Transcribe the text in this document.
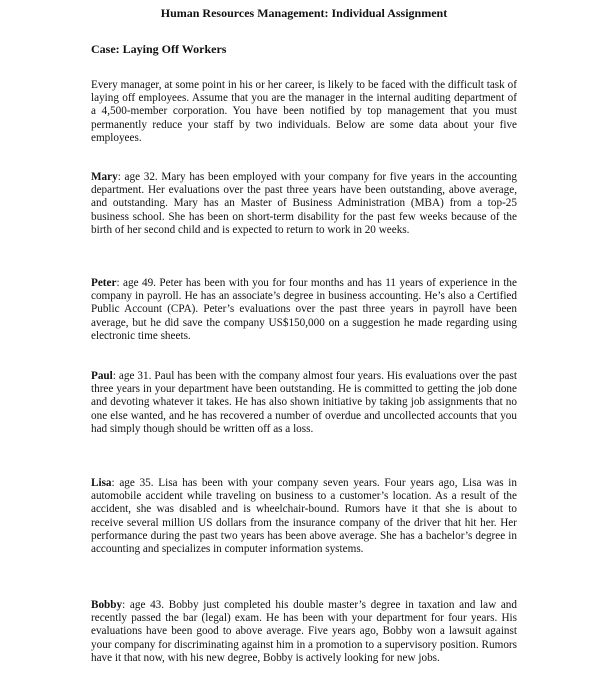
Human Resources Management: Individual Assignment
Case: Laying Off Workers

Every manager, at some point in his or her career, is likely to be faced with the difficult task of laying off employees. Assume that you are the manager in the internal auditing department of a 4,500-member corporation. You have been notified by top management that you must permanently reduce your staff by two individuals. Below are some data about your five employees.

Mary: age 32. Mary has been employed with your company for five years in the accounting department. Her evaluations over the past three years have been outstanding, above average, and outstanding. Mary has an Master of Business Administration (MBA) from a top-25 business school. She has been on short-term disability for the past few weeks because of the birth of her second child and is expected to return to work in 20 weeks.

Peter: age 49. Peter has been with you for four months and has 11 years of experience in the company in payroll. He has an associate’s degree in business accounting. He’s also a Certified Public Account (CPA). Peter’s evaluations over the past three years in payroll have been average, but he did save the company US$150,000 on a suggestion he made regarding using electronic time sheets.

Paul: age 31. Paul has been with the company almost four years. His evaluations over the past three years in your department have been outstanding. He is committed to getting the job done and devoting whatever it takes. He has also shown initiative by taking job assignments that no one else wanted, and he has recovered a number of overdue and uncollected accounts that you had simply though should be written off as a loss.

Lisa: age 35. Lisa has been with your company seven years. Four years ago, Lisa was in automobile accident while traveling on business to a customer’s location. As a result of the accident, she was disabled and is wheelchair-bound. Rumors have it that she is about to receive several million US dollars from the insurance company of the driver that hit her. Her performance during the past two years has been above average. She has a bachelor’s degree in accounting and specializes in computer information systems.

Bobby: age 43. Bobby just completed his double master’s degree in taxation and law and recently passed the bar (legal) exam. He has been with your department for four years. His evaluations have been good to above average. Five years ago, Bobby won a lawsuit against your company for discriminating against him in a promotion to a supervisory position. Rumors have it that now, with his new degree, Bobby is actively looking for new jobs.
